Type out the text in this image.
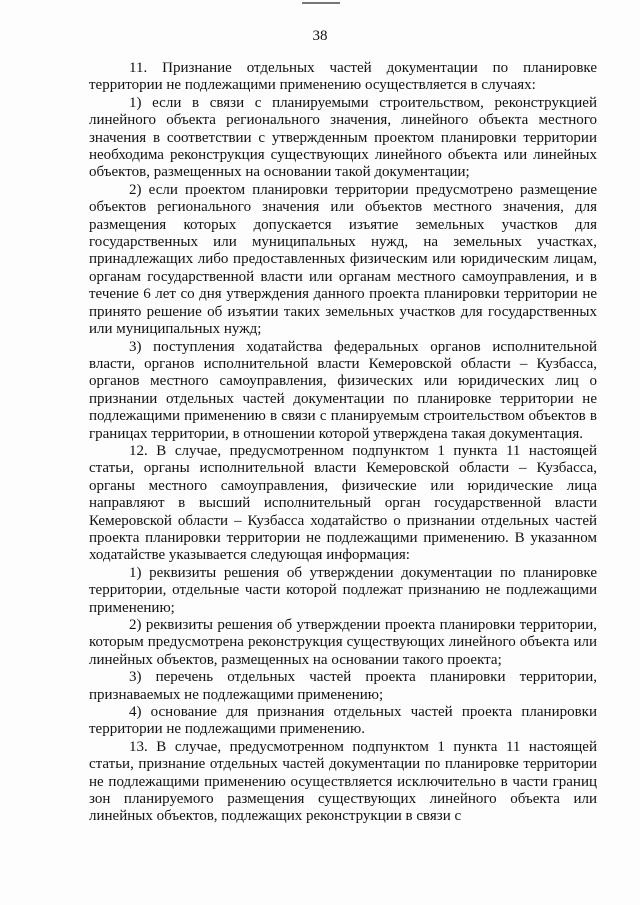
38

11. Признание отдельных частей документации по планировке территории не подлежащими применению осуществляется в случаях:

1) если в связи с планируемыми строительством, реконструкцией линейного объекта регионального значения, линейного объекта местного значения в соответствии с утвержденным проектом планировки территории необходима реконструкция существующих линейного объекта или линейных объектов, размещенных на основании такой документации;

2) если проектом планировки территории предусмотрено размещение объектов регионального значения или объектов местного значения, для размещения которых допускается изъятие земельных участков для государственных или муниципальных нужд, на земельных участках, принадлежащих либо предоставленных физическим или юридическим лицам, органам государственной власти или органам местного самоуправления, и в течение 6 лет со дня утверждения данного проекта планировки территории не принято решение об изъятии таких земельных участков для государственных или муниципальных нужд;

3) поступления ходатайства федеральных органов исполнительной власти, органов исполнительной власти Кемеровской области – Кузбасса, органов местного самоуправления, физических или юридических лиц о признании отдельных частей документации по планировке территории не подлежащими применению в связи с планируемым строительством объектов в границах территории, в отношении которой утверждена такая документация.

12. В случае, предусмотренном подпунктом 1 пункта 11 настоящей статьи, органы исполнительной власти Кемеровской области – Кузбасса, органы местного самоуправления, физические или юридические лица направляют в высший исполнительный орган государственной власти Кемеровской области – Кузбасса ходатайство о признании отдельных частей проекта планировки территории не подлежащими применению. В указанном ходатайстве указывается следующая информация:

1) реквизиты решения об утверждении документации по планировке территории, отдельные части которой подлежат признанию не подлежащими применению;

2) реквизиты решения об утверждении проекта планировки территории, которым предусмотрена реконструкция существующих линейного объекта или линейных объектов, размещенных на основании такого проекта;

3) перечень отдельных частей проекта планировки территории, признаваемых не подлежащими применению;

4) основание для признания отдельных частей проекта планировки территории не подлежащими применению.

13. В случае, предусмотренном подпунктом 1 пункта 11 настоящей статьи, признание отдельных частей документации по планировке территории не подлежащими применению осуществляется исключительно в части границ зон планируемого размещения существующих линейного объекта или линейных объектов, подлежащих реконструкции в связи с
